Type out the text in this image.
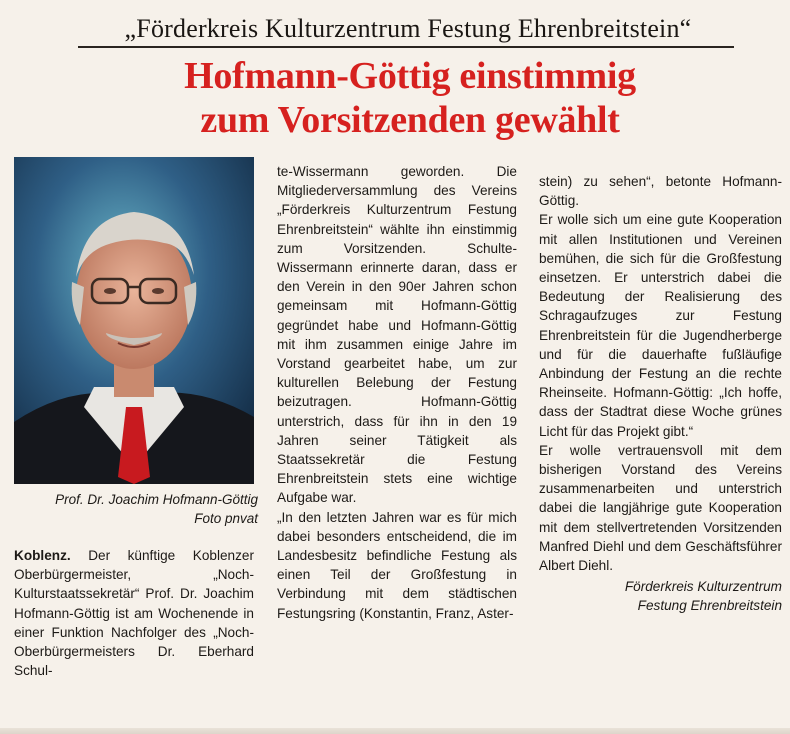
„Förderkreis Kulturzentrum Festung Ehrenbreitstein“
Hofmann-Göttig einstimmig
zum Vorsitzenden gewählt
Prof. Dr. Joachim Hofmann-Göttig
Foto pnvat

Koblenz. Der künftige Koblenzer Oberbürgermeister, „Noch-Kulturstaatssekretär“ Prof. Dr. Joachim Hofmann-Göttig ist am Wochenende in einer Funktion Nachfolger des „Noch-Oberbürgermeisters Dr. Eberhard Schul-

te-Wissermann geworden. Die Mitgliederversammlung des Vereins „Förderkreis Kulturzentrum Festung Ehrenbreitstein“ wählte ihn einstimmig zum Vorsitzenden. Schulte-Wissermann erinnerte daran, dass er den Verein in den 90er Jahren schon gemeinsam mit Hofmann-Göttig gegründet habe und Hofmann-Göttig mit ihm zusammen einige Jahre im Vorstand gearbeitet habe, um zur kulturellen Belebung der Festung beizutragen. Hofmann-Göttig unterstrich, dass für ihn in den 19 Jahren seiner Tätigkeit als Staatssekretär die Festung Ehrenbreitstein stets eine wichtige Aufgabe war.

„In den letzten Jahren war es für mich dabei besonders entscheidend, die im Landesbesitz befindliche Festung als einen Teil der Großfestung in Verbindung mit dem städtischen Festungsring (Konstantin, Franz, Aster-

stein) zu sehen“, betonte Hofmann-Göttig.

Er wolle sich um eine gute Kooperation mit allen Institutionen und Vereinen bemühen, die sich für die Großfestung einsetzen. Er unterstrich dabei die Bedeutung der Realisierung des Schragaufzuges zur Festung Ehrenbreitstein für die Jugendherberge und für die dauerhafte fußläufige Anbindung der Festung an die rechte Rheinseite. Hofmann-Göttig: „Ich hoffe, dass der Stadtrat diese Woche grünes Licht für das Projekt gibt.“

Er wolle vertrauensvoll mit dem bisherigen Vorstand des Vereins zusammenarbeiten und unterstrich dabei die langjährige gute Kooperation mit dem stellvertretenden Vorsitzenden Manfred Diehl und dem Geschäftsführer Albert Diehl.

Förderkreis Kulturzentrum
Festung Ehrenbreitstein
